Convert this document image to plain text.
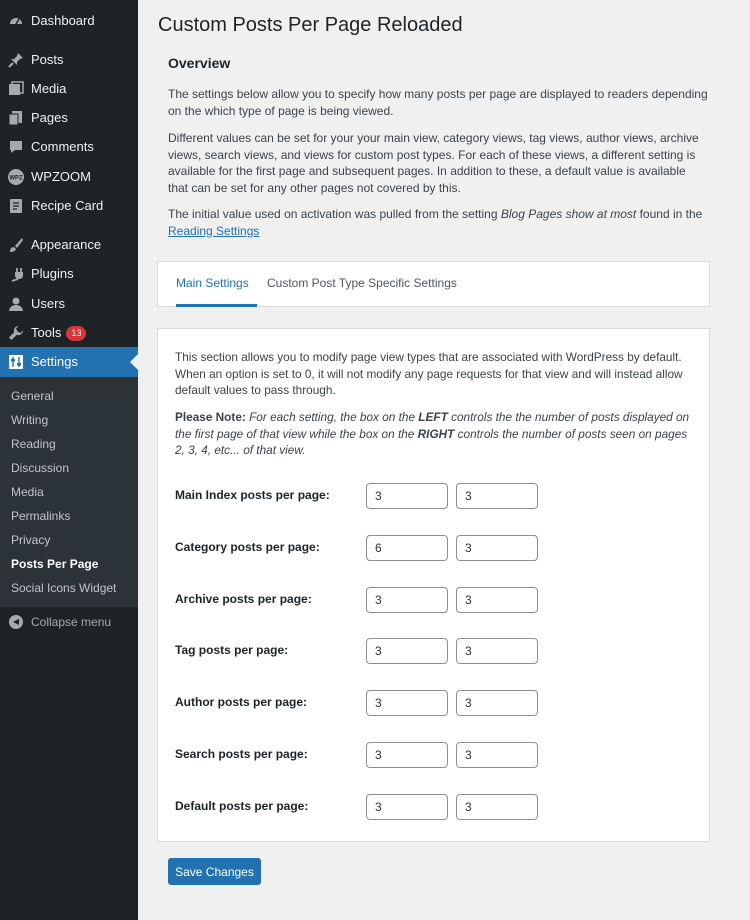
Dashboard
Posts
Media
Pages
Comments
WPZ WPZOOM
Recipe Card
Appearance
Plugins
Users
Tools 13
Settings
General
Writing
Reading
Discussion
Media
Permalinks
Privacy
Posts Per Page
Social Icons Widget
◀ Collapse menu
Custom Posts Per Page Reloaded
Overview

The settings below allow you to specify how many posts per page are displayed to readers depending on the which type of page is being viewed.

Different values can be set for your your main view, category views, tag views, author views, archive views, search views, and views for custom post types. For each of these views, a different setting is available for the first page and subsequent pages. In addition to these, a default value is available that can be set for any other pages not covered by this.

The initial value used on activation was pulled from the setting Blog Pages show at most found in the Reading Settings

Main Settings Custom Post Type Specific Settings

This section allows you to modify page view types that are associated with WordPress by default. When an option is set to 0, it will not modify any page requests for that view and will instead allow default values to pass through.

Please Note: For each setting, the box on the LEFT controls the the number of posts displayed on the first page of that view while the box on the RIGHT controls the number of posts seen on pages 2, 3, 4, etc... of that view.

Main Index posts per page:
3
3
Category posts per page:
6
3
Archive posts per page:
3
3
Tag posts per page:
3
3
Author posts per page:
3
3
Search posts per page:
3
3
Default posts per page:
3
3
Save Changes
